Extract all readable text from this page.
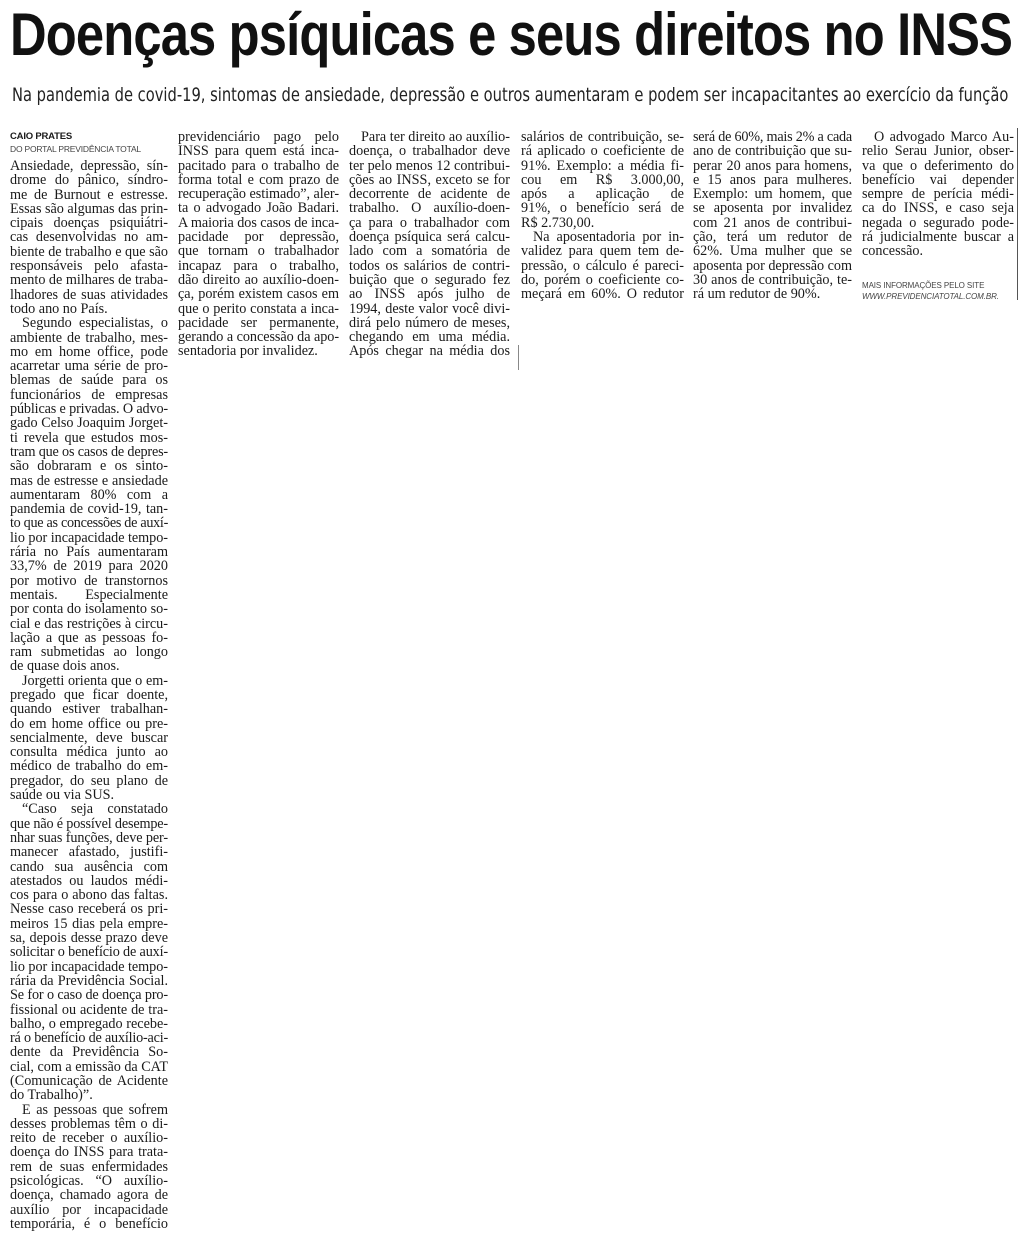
Doenças psíquicas e seus direitos no INSS
Na pandemia de covid-19, sintomas de ansiedade, depressão e outros aumentaram e podem ser incapacitantes ao exercício da função
CAIO PRATES
DO PORTAL PREVIDÊNCIA TOTAL
Ansiedade, depressão, sín-
drome do pânico, síndro-
me de Burnout e estresse.
Essas são algumas das prin-
cipais doenças psiquiátri-
cas desenvolvidas no am-
biente de trabalho e que são
responsáveis pelo afasta-
mento de milhares de traba-
lhadores de suas atividades
todo ano no País.
Segundo especialistas, o
ambiente de trabalho, mes-
mo em home office, pode
acarretar uma série de pro-
blemas de saúde para os
funcionários de empresas
públicas e privadas. O advo-
gado Celso Joaquim Jorget-
ti revela que estudos mos-
tram que os casos de depres-
são dobraram e os sinto-
mas de estresse e ansiedade
aumentaram 80% com a
pandemia de covid-19, tan-
to que as concessões de auxí-
lio por incapacidade tempo-
rária no País aumentaram
33,7% de 2019 para 2020
por motivo de transtornos
mentais. Especialmente
por conta do isolamento so-
cial e das restrições à circu-
lação a que as pessoas fo-
ram submetidas ao longo
de quase dois anos.
Jorgetti orienta que o em-
pregado que ficar doente,
quando estiver trabalhan-
do em home office ou pre-
sencialmente, deve buscar
consulta médica junto ao
médico de trabalho do em-
pregador, do seu plano de
saúde ou via SUS.
“Caso seja constatado
que não é possível desempe-
nhar suas funções, deve per-
manecer afastado, justifi-
cando sua ausência com
atestados ou laudos médi-
cos para o abono das faltas.
Nesse caso receberá os pri-
meiros 15 dias pela empre-
sa, depois desse prazo deve
solicitar o benefício de auxí-
lio por incapacidade tempo-
rária da Previdência Social.
Se for o caso de doença pro-
fissional ou acidente de tra-
balho, o empregado recebe-
rá o benefício de auxílio-aci-
dente da Previdência So-
cial, com a emissão da CAT
(Comunicação de Acidente
do Trabalho)”.
E as pessoas que sofrem
desses problemas têm o di-
reito de receber o auxílio-
doença do INSS para trata-
rem de suas enfermidades
psicológicas. “O auxílio-
doença, chamado agora de
auxílio por incapacidade
temporária, é o benefício
previdenciário pago pelo
INSS para quem está inca-
pacitado para o trabalho de
forma total e com prazo de
recuperação estimado”, aler-
ta o advogado João Badari.
A maioria dos casos de inca-
pacidade por depressão,
que tornam o trabalhador
incapaz para o trabalho,
dão direito ao auxílio-doen-
ça, porém existem casos em
que o perito constata a inca-
pacidade ser permanente,
gerando a concessão da apo-
sentadoria por invalidez.
Para ter direito ao auxílio-
doença, o trabalhador deve
ter pelo menos 12 contribui-
ções ao INSS, exceto se for
decorrente de acidente de
trabalho. O auxílio-doen-
ça para o trabalhador com
doença psíquica será calcu-
lado com a somatória de
todos os salários de contri-
buição que o segurado fez
ao INSS após julho de
1994, deste valor você divi-
dirá pelo número de meses,
chegando em uma média.
Após chegar na média dos
salários de contribuição, se-
rá aplicado o coeficiente de
91%. Exemplo: a média fi-
cou em R$ 3.000,00,
após a aplicação de
91%, o benefício será de
R$ 2.730,00.
Na aposentadoria por in-
validez para quem tem de-
pressão, o cálculo é pareci-
do, porém o coeficiente co-
meçará em 60%. O redutor
será de 60%, mais 2% a cada
ano de contribuição que su-
perar 20 anos para homens,
e 15 anos para mulheres.
Exemplo: um homem, que
se aposenta por invalidez
com 21 anos de contribui-
ção, terá um redutor de
62%. Uma mulher que se
aposenta por depressão com
30 anos de contribuição, te-
rá um redutor de 90%.
O advogado Marco Au-
relio Serau Junior, obser-
va que o deferimento do
benefício vai depender
sempre de perícia médi-
ca do INSS, e caso seja
negada o segurado pode-
rá judicialmente buscar a
concessão.
MAIS INFORMAÇÕES PELO SITE
WWW.PREVIDENCIATOTAL.COM.BR.
